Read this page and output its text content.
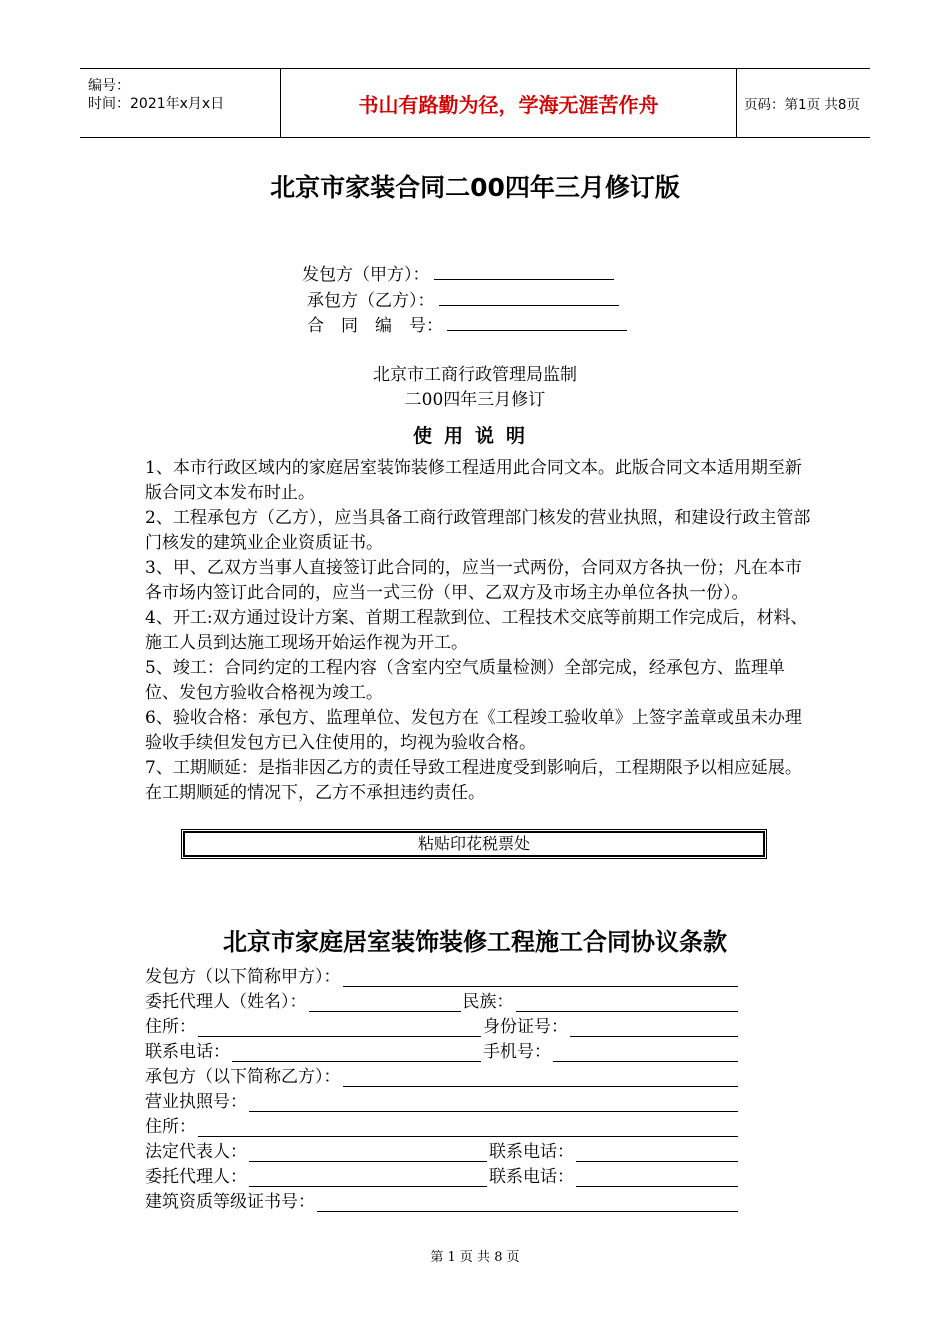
编号：
时间：2021年x月x日	书山有路勤为径，学海无涯苦作舟	页码：第1页 共8页
北京市家装合同二00四年三月修订版
发包方（甲方）：
承包方（乙方）：
合　同　编　号：
北京市工商行政管理局监制
二00四年三月修订
使用说明

1、本市行政区域内的家庭居室装饰装修工程适用此合同文本。此版合同文本适用期至新版合同文本发布时止。

2、工程承包方（乙方），应当具备工商行政管理部门核发的营业执照，和建设行政主管部门核发的建筑业企业资质证书。

3、甲、乙双方当事人直接签订此合同的，应当一式两份，合同双方各执一份；凡在本市各市场内签订此合同的，应当一式三份（甲、乙双方及市场主办单位各执一份）。

4、开工:双方通过设计方案、首期工程款到位、工程技术交底等前期工作完成后，材料、施工人员到达施工现场开始运作视为开工。

5、竣工：合同约定的工程内容（含室内空气质量检测）全部完成，经承包方、监理单位、发包方验收合格视为竣工。

6、验收合格：承包方、监理单位、发包方在《工程竣工验收单》上签字盖章或虽未办理验收手续但发包方已入住使用的，均视为验收合格。

7、工期顺延：是指非因乙方的责任导致工程进度受到影响后，工程期限予以相应延展。在工期顺延的情况下，乙方不承担违约责任。

粘贴印花税票处
北京市家庭居室装饰装修工程施工合同协议条款
发包方（以下简称甲方）：
委托代理人（姓名）：	民族：
住所：	身份证号：
联系电话：	手机号：
承包方（以下简称乙方）：
营业执照号：
住所：
法定代表人：	联系电话：
委托代理人：	联系电话：
建筑资质等级证书号：
第 1 页 共 8 页
